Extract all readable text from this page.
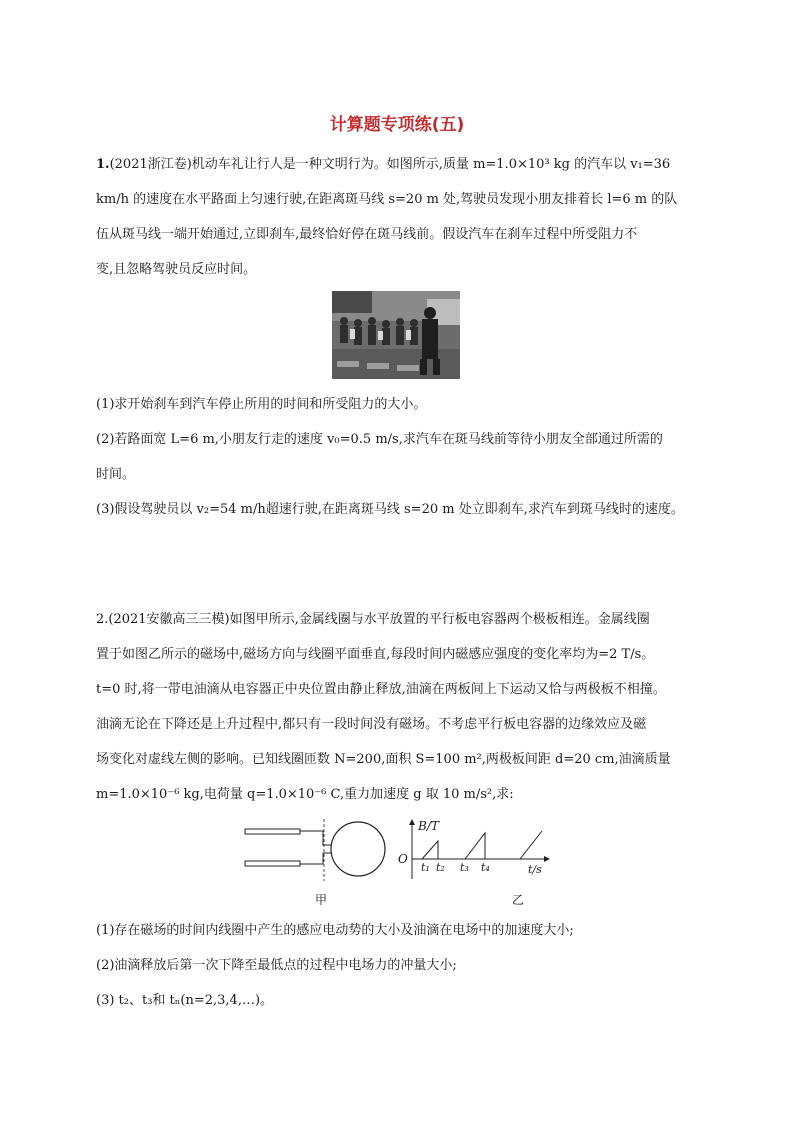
计算题专项练(五)
1.(2021浙江卷)机动车礼让行人是一种文明行为。如图所示,质量 m=1.0×10³ kg 的汽车以 v₁=36
km/h 的速度在水平路面上匀速行驶,在距离斑马线 s=20 m 处,驾驶员发现小朋友排着长 l=6 m 的队
伍从斑马线一端开始通过,立即刹车,最终恰好停在斑马线前。假设汽车在刹车过程中所受阻力不
变,且忽略驾驶员反应时间。
(1)求开始刹车到汽车停止所用的时间和所受阻力的大小。
(2)若路面宽 L=6 m,小朋友行走的速度 v₀=0.5 m/s,求汽车在斑马线前等待小朋友全部通过所需的
时间。
(3)假设驾驶员以 v₂=54 m/h超速行驶,在距离斑马线 s=20 m 处立即刹车,求汽车到斑马线时的速度。
2.(2021安徽高三三模)如图甲所示,金属线圈与水平放置的平行板电容器两个极板相连。金属线圈
置于如图乙所示的磁场中,磁场方向与线圈平面垂直,每段时间内磁感应强度的变化率均为=2 T/s。
t=0 时,将一带电油滴从电容器正中央位置由静止释放,油滴在两板间上下运动又恰与两极板不相撞。
油滴无论在下降还是上升过程中,都只有一段时间没有磁场。不考虑平行板电容器的边缘效应及磁
场变化对虚线左侧的影响。已知线圈匝数 N=200,面积 S=100 m²,两极板间距 d=20 cm,油滴质量
m=1.0×10⁻⁶ kg,电荷量 q=1.0×10⁻⁶ C,重力加速度 g 取 10 m/s²,求:
B/T
O
t₁ t₂ t₃ t₄	t/s
甲	乙
(1)存在磁场的时间内线圈中产生的感应电动势的大小及油滴在电场中的加速度大小;
(2)油滴释放后第一次下降至最低点的过程中电场力的冲量大小;
(3) t₂、t₃和 tₙ(n=2,3,4,…)。
